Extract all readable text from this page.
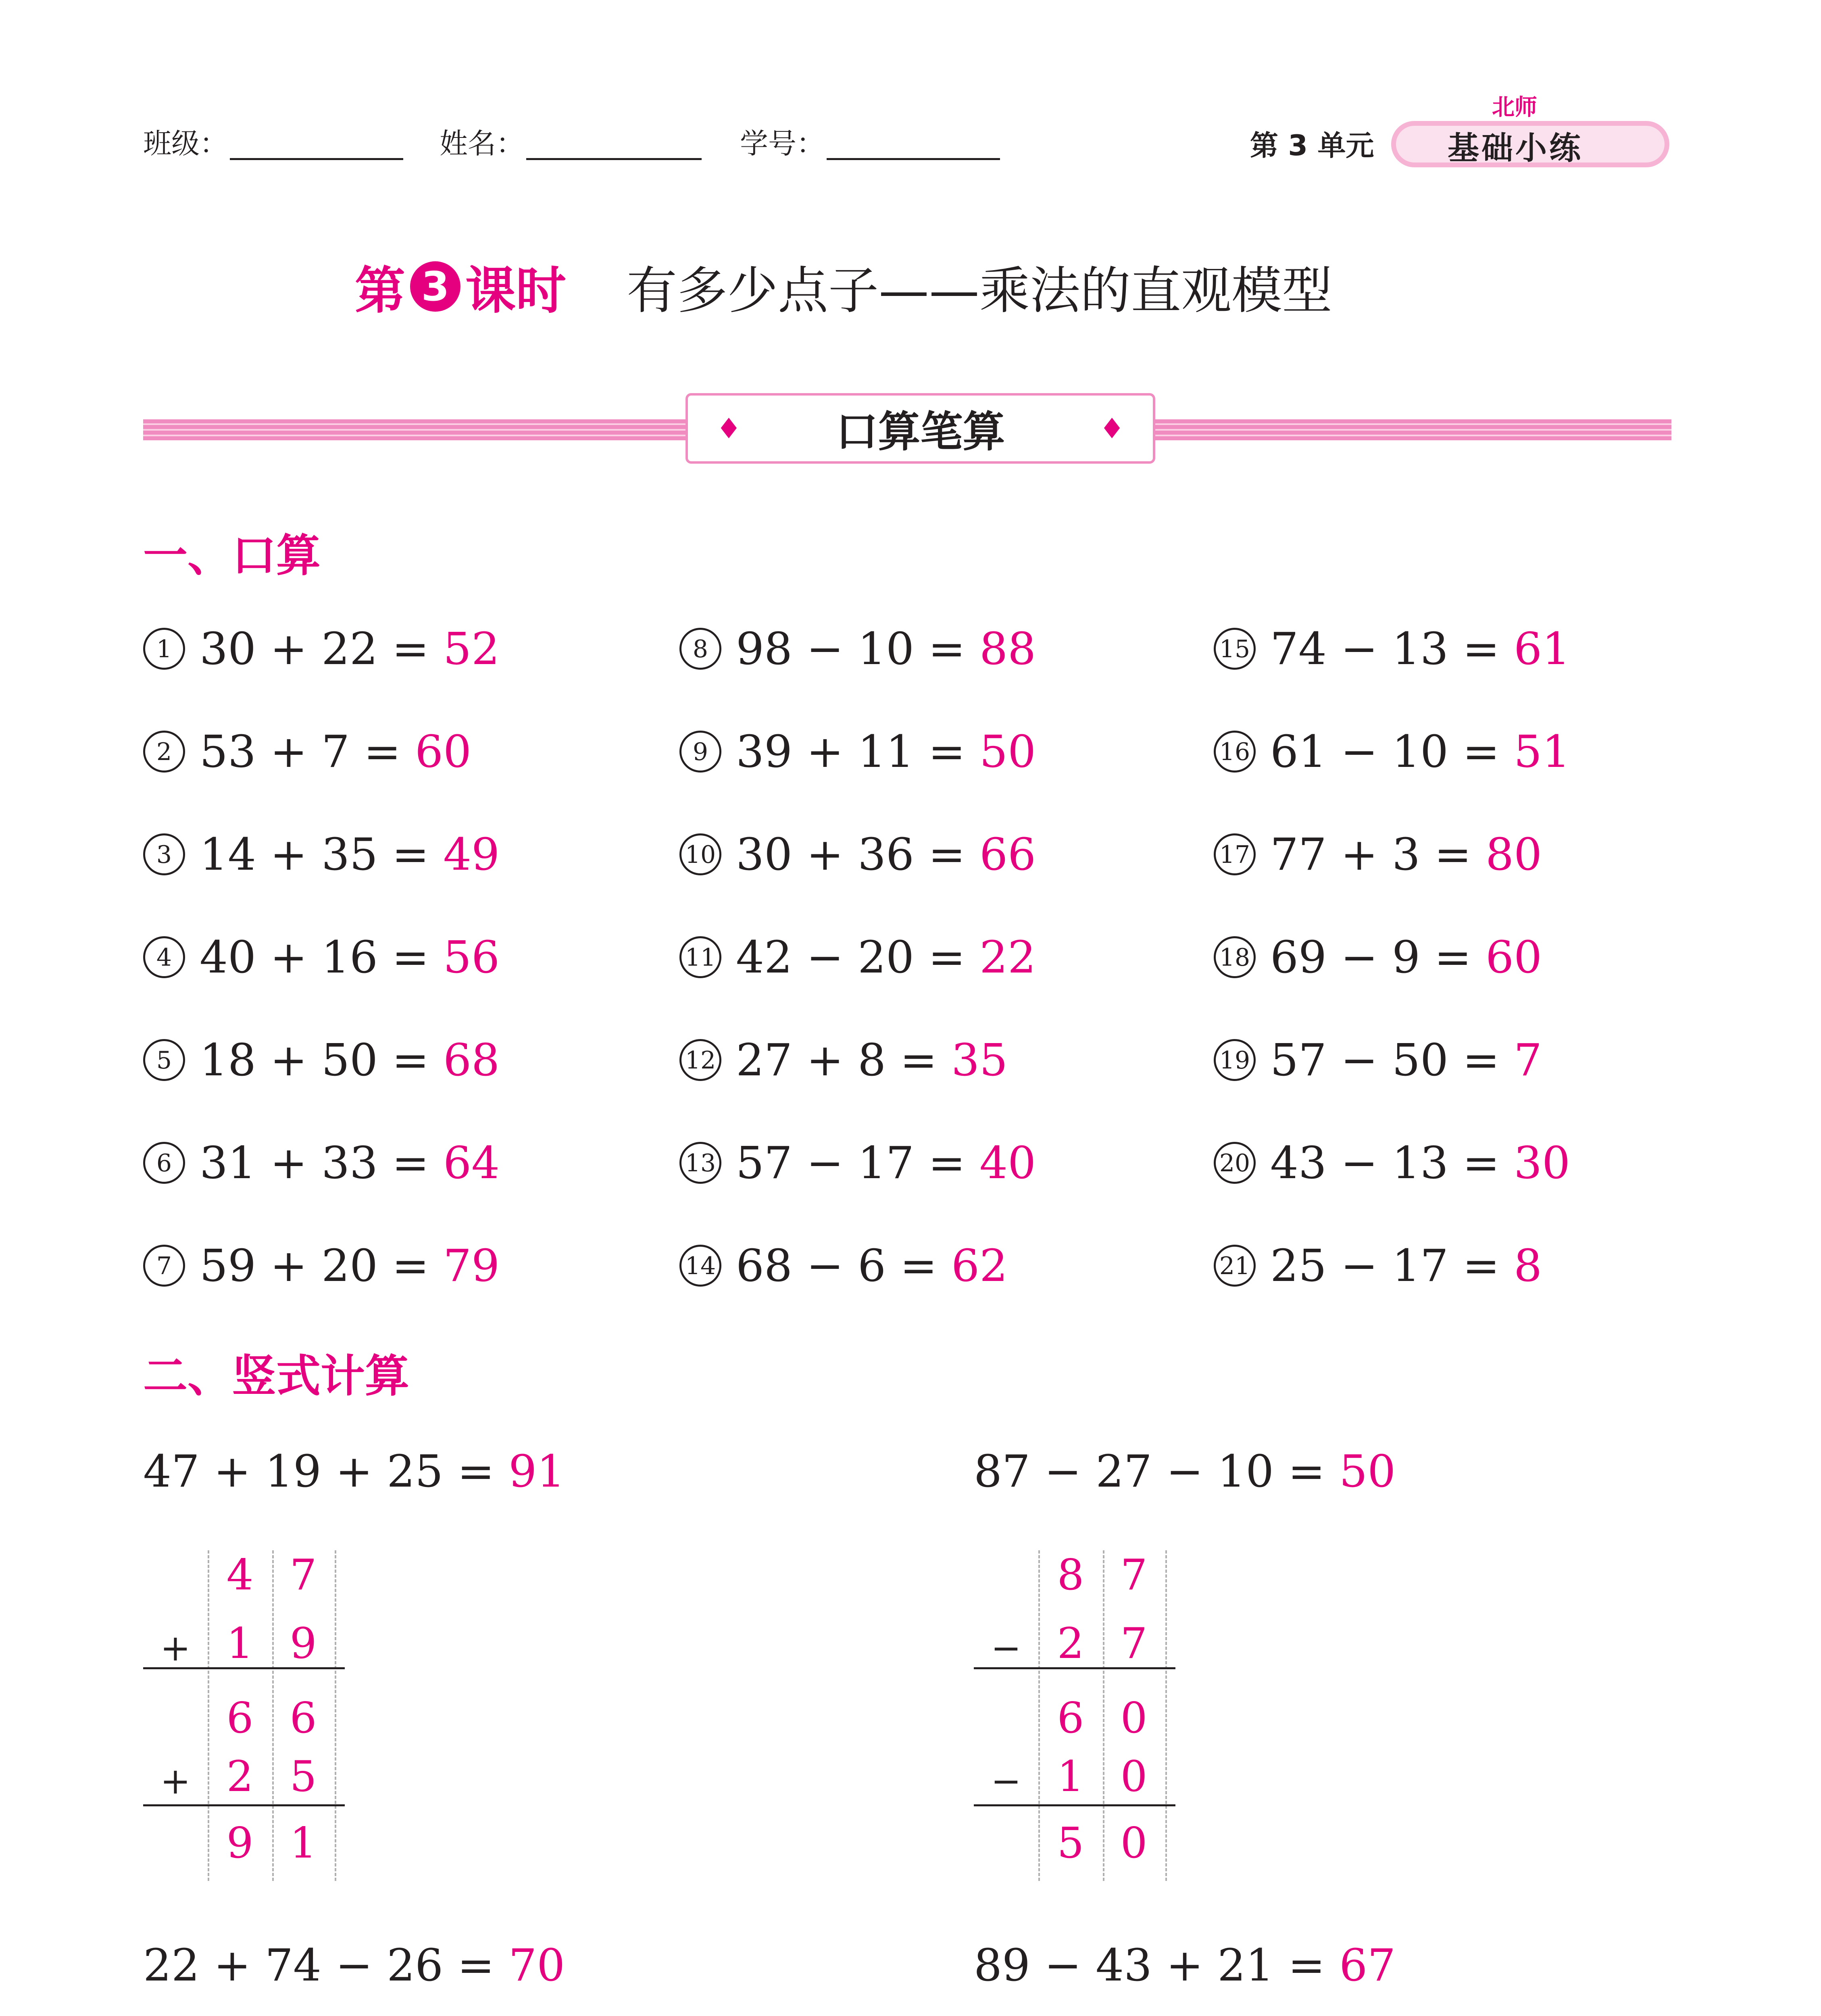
班级：	姓名：	学号：	第 3 单元
北师
基础小练
第 3 课时 有多少点子——乘法的直观模型
♦ 口算笔算	♦
一、口算
1 30 + 22 =
52
2 53 + 7 =
60
3 14 + 35 =
49
4 40 + 16 =
56
5 18 + 50 =
68
6 31 + 33 =
64
7 59 + 20 =
79
8 98 − 10 =
88
9 39 + 11 =
50
10 30 + 36 =
66
11 42 − 20 =
22
12 27 + 8 =
35
13 57 − 17 =
40
14 68 − 6 =
62
15 74 − 13 =
61
16 61 − 10 =
51
17 77 + 3 =
80
18 69 − 9 =
60
19 57 − 50 =
7
20 43 − 13 =
30
21 25 − 17 =
8
二、竖式计算
47 + 19 + 25 = 91	87 − 27 − 10 = 50
22 + 74 − 26 = 70	89 − 43 + 21 = 67
4 7
+ 1 9
6 6
+ 2 5
9 1
8 7
− 2 7
6 0
− 1 0
5 0
